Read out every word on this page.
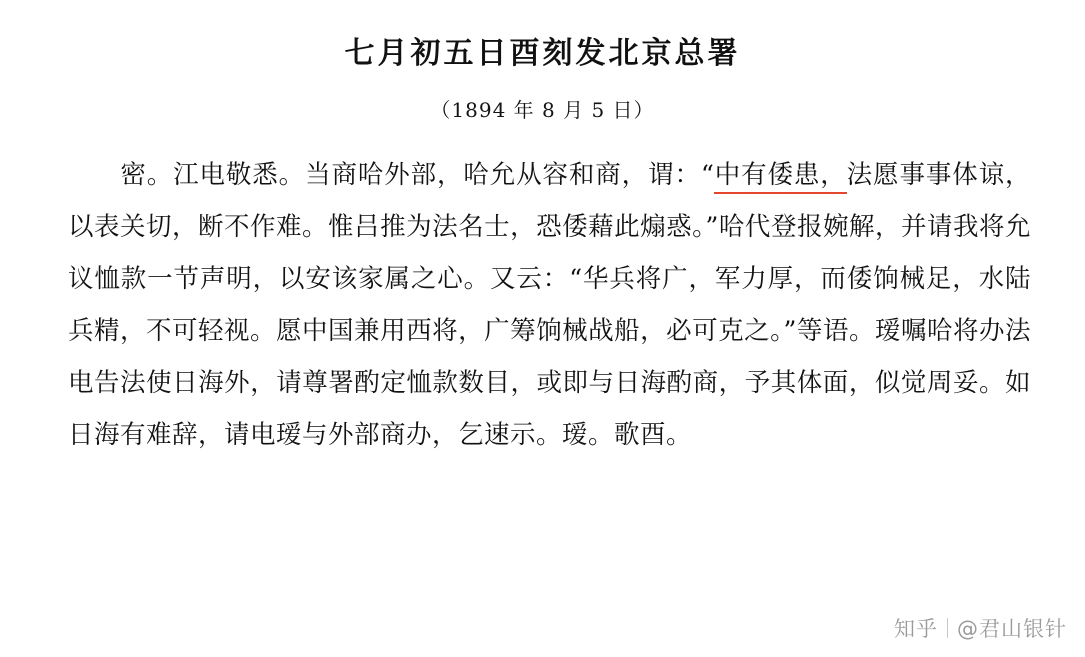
七月初五日酉刻发北京总署
（1894 年 8 月 5 日）

密。江电敬悉。当商哈外部，哈允从容和商，谓：“中有倭患，法愿事事体谅，以表关切，断不作难。惟吕推为法名士，恐倭藉此煽惑。”哈代登报婉解，并请我将允议恤款一节声明，以安该家属之心。又云：“华兵将广，军力厚，而倭饷械足，水陆兵精，不可轻视。愿中国兼用西将，广筹饷械战船，必可克之。”等语。瑷嘱哈将办法电告法使日海外，请尊署酌定恤款数目，或即与日海酌商，予其体面，似觉周妥。如日海有难辞，请电瑷与外部商办，乞速示。瑷。歌酉。

知乎 @君山银针
